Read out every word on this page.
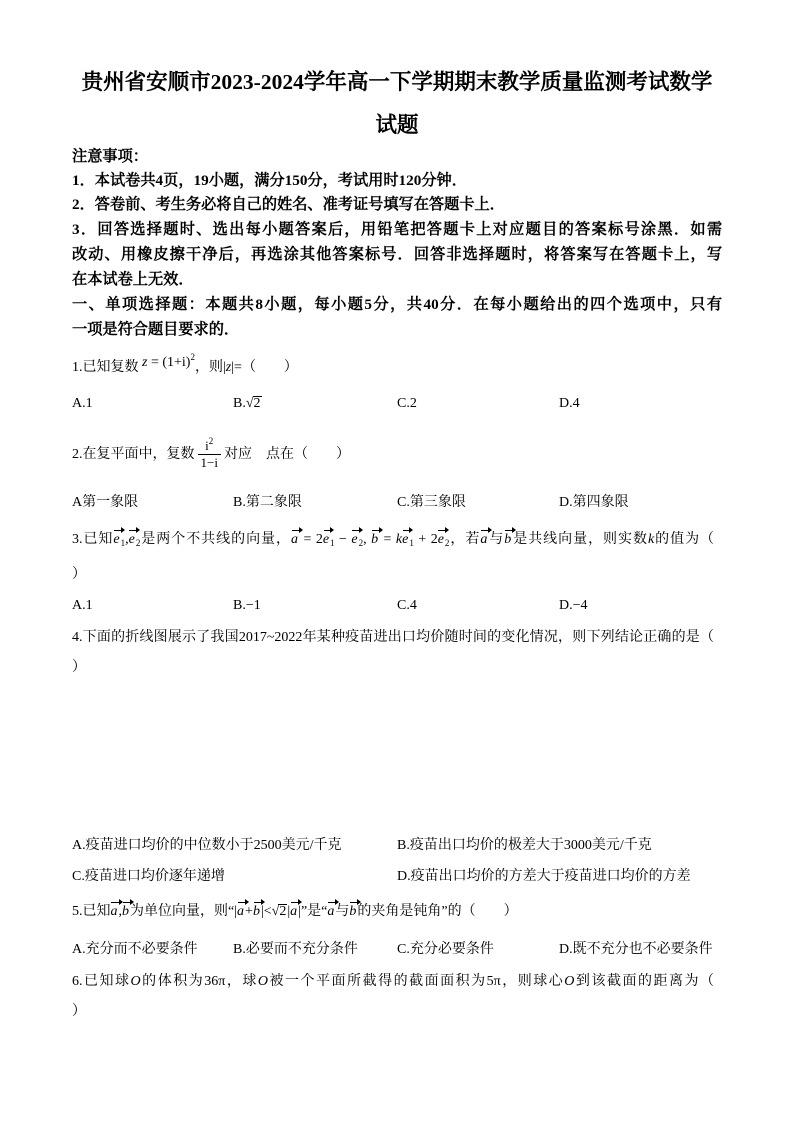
贵州省安顺市2023-2024学年高一下学期期末教学质量监测考试数学
试题
注意事项：
1．本试卷共4页，19小题，满分150分，考试用时120分钟．
2．答卷前、考生务必将自己的姓名、准考证号填写在答题卡上．
3．回答选择题时、选出每小题答案后，用铅笔把答题卡上对应题目的答案标号涂黑．如需
改动、用橡皮擦干净后，再选涂其他答案标号．回答非选择题时，将答案写在答题卡上，写
在本试卷上无效．
一、单项选择题：本题共8小题，每小题5分，共40分．在每小题给出的四个选项中，只有
一项是符合题目要求的．
1.已知复数 $z = (1+i)^2$，则|z|=（　　）
A.1	B.√2	C.2	D.4
2.在复平面中，复数 $\frac{i^2}{1-i}$ 对应　点在（　　）
A第一象限	B.第二象限	C.第三象限	D.第四象限
3.已知$e_1,e_2$是两个不共线的向量，$a = 2e_1 - e_2$, $b = ke_1 + 2e_2$，若a与b是共线向量，则实数k的值为（
）
A.1	B.−1	C.4	D.−4
4.下面的折线图展示了我国2017~2022年某种疫苗进出口均价随时间的变化情况，则下列结论正确的是（
）
A.疫苗进口均价的中位数小于2500美元/千克	B.疫苗出口均价的极差大于3000美元/千克
C.疫苗进口均价逐年递增	D.疫苗出口均价的方差大于疫苗进口均价的方差
5.已知a,b为单位向量，则“|a+b|<√2|a|”是“a与b的夹角是钝角”的（　　）
A.充分而不必要条件	B.必要而不充分条件	C.充分必要条件	D.既不充分也不必要条件
6.已知球O的体积为36π，球O被一个平面所截得的截面面积为5π，则球心O到该截面的距离为（
）
